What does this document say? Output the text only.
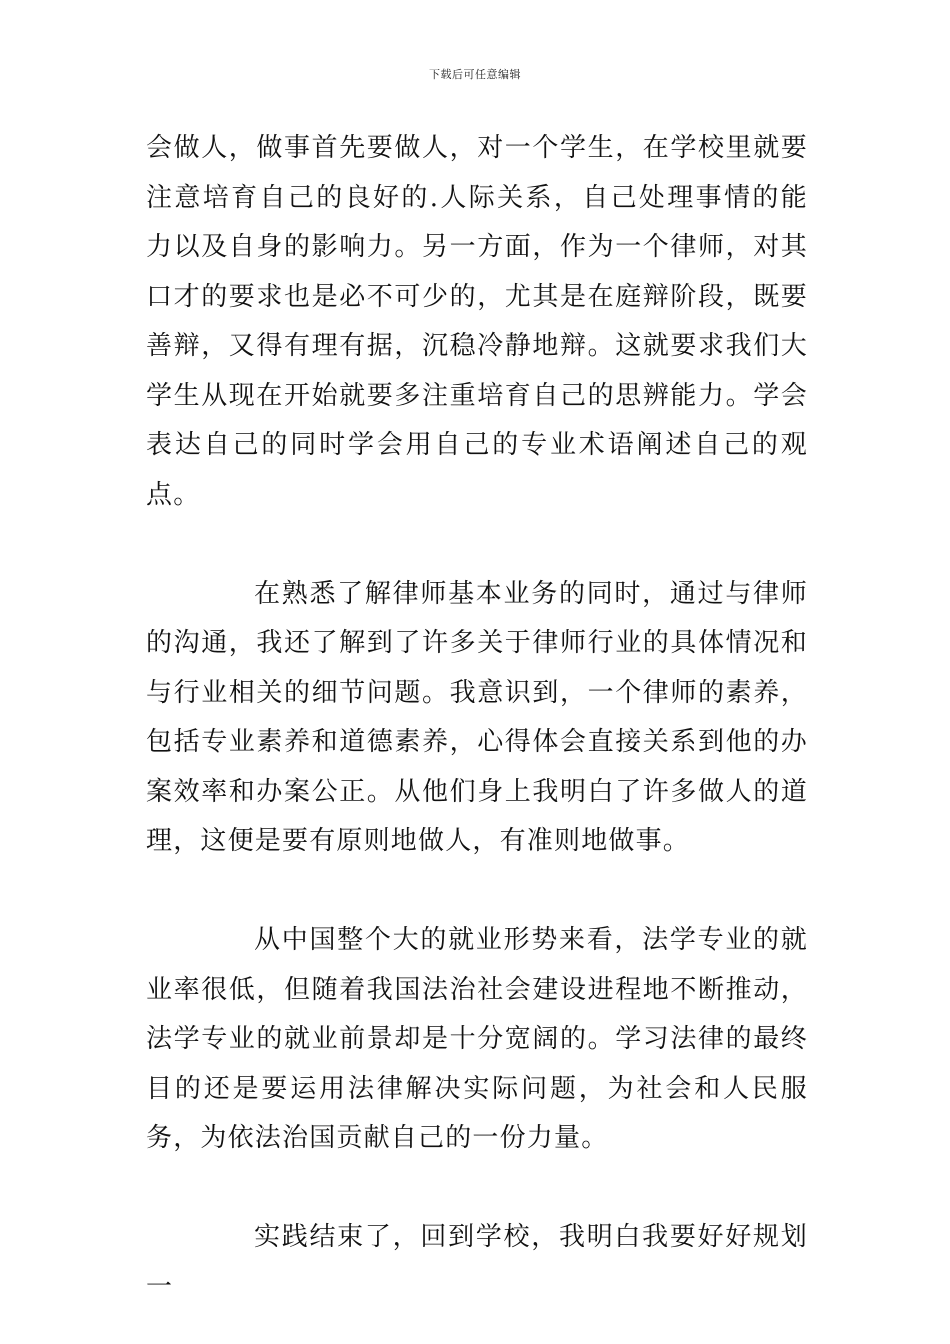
下载后可任意编辑

会做人，做事首先要做人，对一个学生，在学校里就要注意培育自己的良好的.人际关系，自己处理事情的能力以及自身的影响力。另一方面，作为一个律师，对其口才的要求也是必不可少的，尤其是在庭辩阶段，既要善辩，又得有理有据，沉稳冷静地辩。这就要求我们大学生从现在开始就要多注重培育自己的思辨能力。学会表达自己的同时学会用自己的专业术语阐述自己的观点。

在熟悉了解律师基本业务的同时，通过与律师的沟通，我还了解到了许多关于律师行业的具体情况和与行业相关的细节问题。我意识到，一个律师的素养，包括专业素养和道德素养，心得体会直接关系到他的办案效率和办案公正。从他们身上我明白了许多做人的道理，这便是要有原则地做人，有准则地做事。

从中国整个大的就业形势来看，法学专业的就业率很低，但随着我国法治社会建设进程地不断推动，法学专业的就业前景却是十分宽阔的。学习法律的最终目的还是要运用法律解决实际问题，为社会和人民服务，为依法治国贡献自己的一份力量。

实践结束了，回到学校，我明白我要好好规划一
